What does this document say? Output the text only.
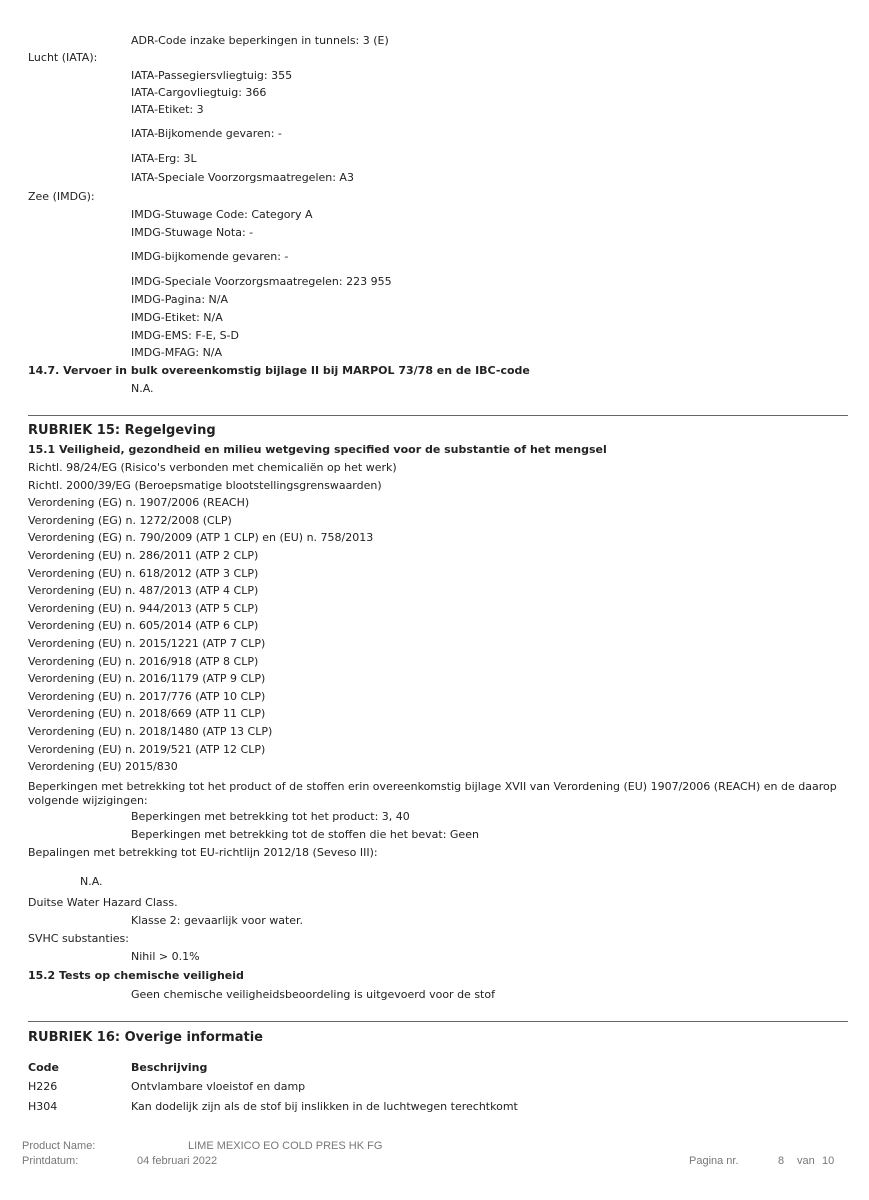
ADR-Code inzake beperkingen in tunnels: 3 (E)
Lucht (IATA):
IATA-Passegiersvliegtuig: 355
IATA-Cargovliegtuig: 366
IATA-Etiket: 3
IATA-Bijkomende gevaren: -
IATA-Erg: 3L
IATA-Speciale Voorzorgsmaatregelen: A3
Zee (IMDG):
IMDG-Stuwage Code: Category A
IMDG-Stuwage Nota: -
IMDG-bijkomende gevaren: -
IMDG-Speciale Voorzorgsmaatregelen: 223 955
IMDG-Pagina: N/A
IMDG-Etiket: N/A
IMDG-EMS: F-E, S-D
IMDG-MFAG: N/A
14.7. Vervoer in bulk overeenkomstig bijlage II bij MARPOL 73/78 en de IBC-code
N.A.
RUBRIEK 15: Regelgeving
15.1 Veiligheid, gezondheid en milieu wetgeving specified voor de substantie of het mengsel
Richtl. 98/24/EG (Risico's verbonden met chemicaliën op het werk)
Richtl. 2000/39/EG (Beroepsmatige blootstellingsgrenswaarden)
Verordening (EG) n. 1907/2006 (REACH)
Verordening (EG) n. 1272/2008 (CLP)
Verordening (EG) n. 790/2009 (ATP 1 CLP) en (EU) n. 758/2013
Verordening (EU) n. 286/2011 (ATP 2 CLP)
Verordening (EU) n. 618/2012 (ATP 3 CLP)
Verordening (EU) n. 487/2013 (ATP 4 CLP)
Verordening (EU) n. 944/2013 (ATP 5 CLP)
Verordening (EU) n. 605/2014 (ATP 6 CLP)
Verordening (EU) n. 2015/1221 (ATP 7 CLP)
Verordening (EU) n. 2016/918 (ATP 8 CLP)
Verordening (EU) n. 2016/1179 (ATP 9 CLP)
Verordening (EU) n. 2017/776 (ATP 10 CLP)
Verordening (EU) n. 2018/669 (ATP 11 CLP)
Verordening (EU) n. 2018/1480 (ATP 13 CLP)
Verordening (EU) n. 2019/521 (ATP 12 CLP)
Verordening (EU) 2015/830
Beperkingen met betrekking tot het product of de stoffen erin overeenkomstig bijlage XVII van Verordening (EU) 1907/2006 (REACH) en de daarop volgende wijzigingen:
Beperkingen met betrekking tot het product: 3, 40
Beperkingen met betrekking tot de stoffen die het bevat: Geen
Bepalingen met betrekking tot EU-richtlijn 2012/18 (Seveso III):
N.A.
Duitse Water Hazard Class.
Klasse 2: gevaarlijk voor water.
SVHC substanties:
Nihil > 0.1%
15.2 Tests op chemische veiligheid
Geen chemische veiligheidsbeoordeling is uitgevoerd voor de stof
RUBRIEK 16: Overige informatie
Code	Beschrijving
H226	Ontvlambare vloeistof en damp
H304	Kan dodelijk zijn als de stof bij inslikken in de luchtwegen terechtkomt
Product Name:	LIME MEXICO EO COLD PRES HK FG
Printdatum:	04 februari 2022	Pagina nr.	8 van 10
